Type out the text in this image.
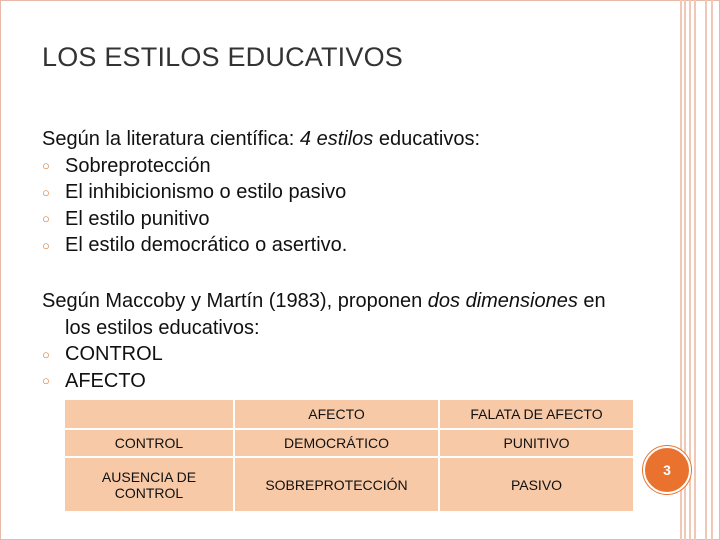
LOS ESTILOS EDUCATIVOS
Según la literatura científica: 4 estilos educativos:
○ Sobreprotección
○ El inhibicionismo o estilo pasivo
○ El estilo punitivo
○ El estilo democrático o asertivo.
Según Maccoby y Martín (1983), proponen dos dimensiones en
los estilos educativos:
○ CONTROL
○ AFECTO
	AFECTO	FALATA DE AFECTO
CONTROL	DEMOCRÁTICO	PUNITIVO
AUSENCIA DE CONTROL	SOBREPROTECCIÓN	PASIVO
3
